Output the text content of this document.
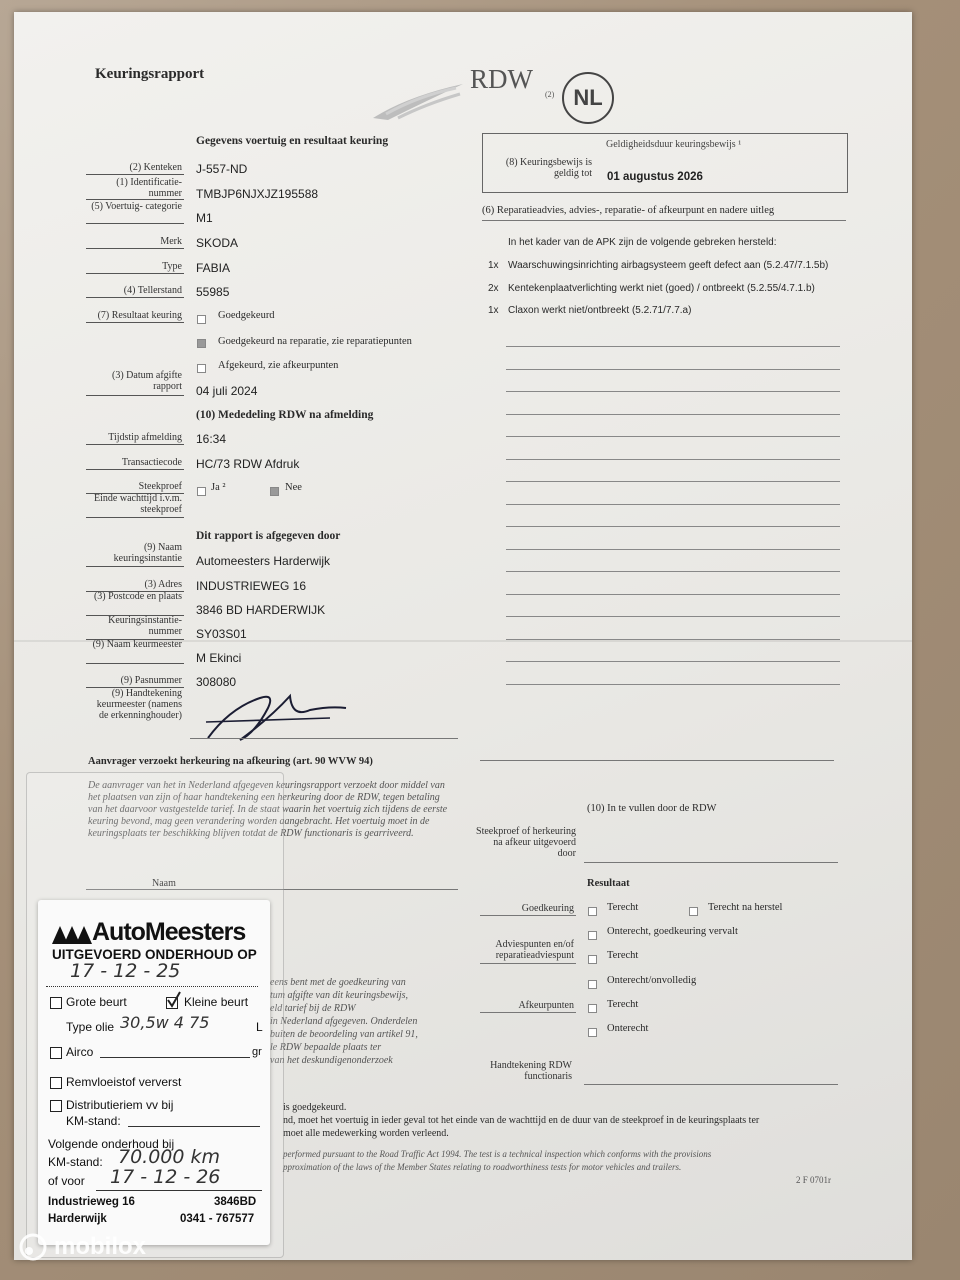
Keuringsrapport	RDW
(2) NL
Gegevens voertuig en resultaat keuring
(2) Kenteken J-557-ND
(1) Identificatie- nummer TMBJP6NJXJZ195588
(5) Voertuig- categorie
M1
Merk SKODA
Type FABIA
(4) Tellerstand 55985
(7) Resultaat keuring	Goedgekeurd
Goedgekeurd na reparatie, zie reparatiepunten
Afgekeurd, zie afkeurpunten
(3) Datum afgifte rapport 04 juli 2024
(10) Mededeling RDW na afmelding
Tijdstip afmelding 16:34
Transactiecode HC/73 RDW Afdruk
Steekproef	Ja ²	Nee
Einde wachttijd i.v.m. steekproef
Dit rapport is afgegeven door
(9) Naam keuringsinstantie Automeesters Harderwijk
(3) Adres INDUSTRIEWEG 16
(3) Postcode en plaats
3846 BD HARDERWIJK
Keuringsinstantie- nummer SY03S01
(9) Naam keurmeester
M Ekinci
(9) Pasnummer 308080
(9) Handtekening keurmeester (namens de erkenninghouder)
Geldigheidsduur keuringsbewijs ¹
(8) Keuringsbewijs is geldig tot 01 augustus 2026
(6) Reparatieadvies, advies-, reparatie- of afkeurpunt en nadere uitleg
In het kader van de APK zijn de volgende gebreken hersteld:
1x Waarschuwingsinrichting airbagsysteem geeft defect aan (5.2.47/7.1.5b)
2x Kentekenplaatverlichting werkt niet (goed) / ontbreekt (5.2.55/4.7.1.b)
1x Claxon werkt niet/ontbreekt (5.2.71/7.7.a)
Aanvrager verzoekt herkeuring na afkeuring (art. 90 WVW 94)
De aanvrager van het in Nederland afgegeven keuringsrapport verzoekt door middel van het plaatsen van zijn of haar handtekening een herkeuring door de RDW, tegen betaling van het daarvoor vastgestelde tarief. In de staat waarin het voertuig zich tijdens de eerste keuring bevond, mag geen verandering worden aangebracht. Het voertuig moet in de keuringsplaats ter beschikking blijven totdat de RDW functionaris is gearriveerd.
Naam
(10) In te vullen door de RDW
Steekproef of herkeuring na afkeur uitgevoerd door
Resultaat
Goedkeuring	Terecht	Terecht na herstel
Onterecht, goedkeuring vervalt
Adviespunten en/of reparatieadviespunt	Terecht
Onterecht/onvolledig
Afkeurpunten	Terecht
Onterecht
Handtekening RDW functionaris
eens bent met de goedkeuring van
tum afgifte van dit keuringsbewijs,
eld tarief bij de RDW
in Nederland afgegeven. Onderdelen
buiten de beoordeling van artikel 91,
le RDW bepaalde plaats ter
van het deskundigenonderzoek
is goedgekeurd.
nd, moet het voertuig in ieder geval tot het einde van de wachttijd en de duur van de steekproef in de keuringsplaats ter
moet alle medewerking worden verleend.
performed pursuant to the Road Traffic Act 1994. The test is a technical inspection which conforms with the provisions
pproximation of the laws of the Member States relating to roadworthiness tests for motor vehicles and trailers.
2 F 0701r
AutoMeesters
UITGEVOERD ONDERHOUD OP
17 - 12 - 25
Grote beurt	Kleine beurt
Type olie 30,5w 4 75	L
Airco	gr
Remvloeistof ververst
Distributieriem vv bij
KM-stand:
Volgende onderhoud bij
KM-stand: 70.000 km
of voor 17 - 12 - 26
Industrieweg 16	3846BD
Harderwijk	0341 - 767577
mobilox
